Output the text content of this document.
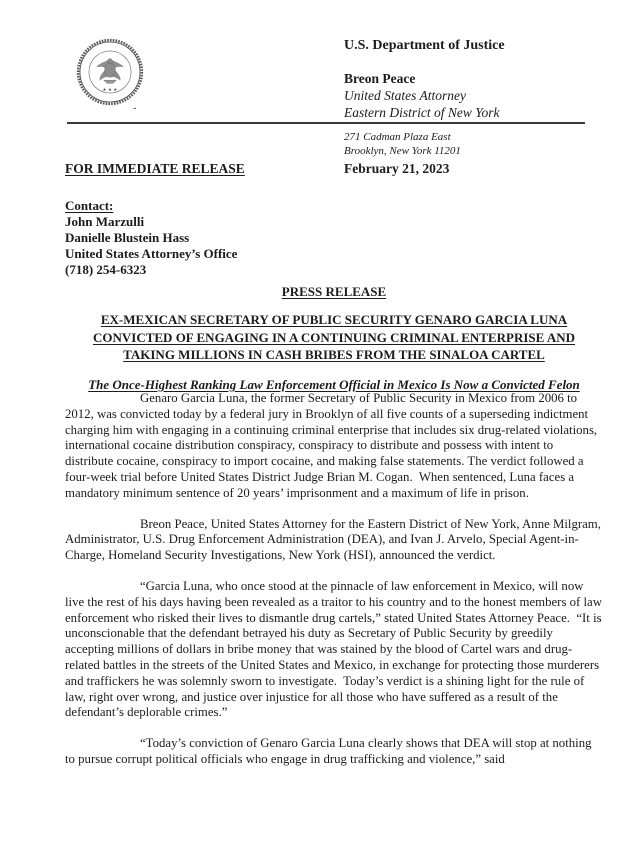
★ ★ ★
U.S. Department of Justice
Breon Peace
United States Attorney
Eastern District of New York
271 Cadman Plaza East
Brooklyn, New York 11201
FOR IMMEDIATE RELEASE	February 21, 2023
Contact:
John Marzulli
Danielle Blustein Hass
United States Attorney’s Office
(718) 254-6323
PRESS RELEASE
EX-MEXICAN SECRETARY OF PUBLIC SECURITY GENARO GARCIA LUNA
CONVICTED OF ENGAGING IN A CONTINUING CRIMINAL ENTERPRISE AND
TAKING MILLIONS IN CASH BRIBES FROM THE SINALOA CARTEL
The Once-Highest Ranking Law Enforcement Official in Mexico Is Now a Convicted Felon

Genaro Garcia Luna, the former Secretary of Public Security in Mexico from 2006 to 2012, was convicted today by a federal jury in Brooklyn of all five counts of a superseding indictment charging him with engaging in a continuing criminal enterprise that includes six drug-related violations, international cocaine distribution conspiracy, conspiracy to distribute and possess with intent to distribute cocaine, conspiracy to import cocaine, and making false statements. The verdict followed a four-week trial before United States District Judge Brian M. Cogan.  When sentenced, Luna faces a mandatory minimum sentence of 20 years’ imprisonment and a maximum of life in prison.

Breon Peace, United States Attorney for the Eastern District of New York, Anne Milgram, Administrator, U.S. Drug Enforcement Administration (DEA), and Ivan J. Arvelo, Special Agent-in-Charge, Homeland Security Investigations, New York (HSI), announced the verdict.

“Garcia Luna, who once stood at the pinnacle of law enforcement in Mexico, will now live the rest of his days having been revealed as a traitor to his country and to the honest members of law enforcement who risked their lives to dismantle drug cartels,” stated United States Attorney Peace.  “It is unconscionable that the defendant betrayed his duty as Secretary of Public Security by greedily accepting millions of dollars in bribe money that was stained by the blood of Cartel wars and drug-related battles in the streets of the United States and Mexico, in exchange for protecting those murderers and traffickers he was solemnly sworn to investigate.  Today’s verdict is a shining light for the rule of law, right over wrong, and justice over injustice for all those who have suffered as a result of the defendant’s deplorable crimes.”

“Today’s conviction of Genaro Garcia Luna clearly shows that DEA will stop at nothing to pursue corrupt political officials who engage in drug trafficking and violence,” said
